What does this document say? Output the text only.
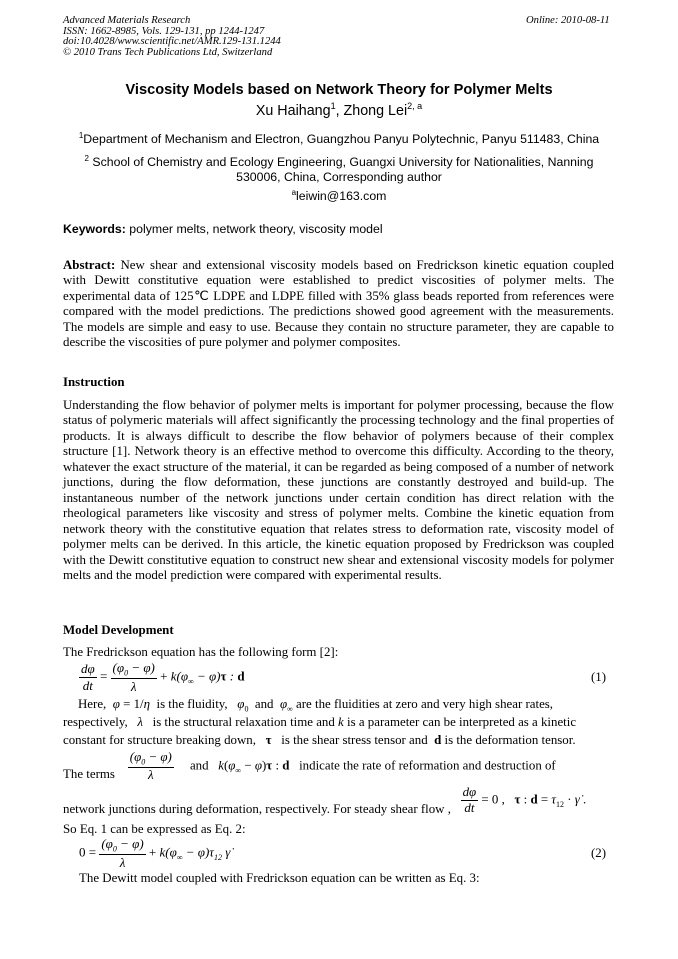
Advanced Materials Research
ISSN: 1662-8985, Vols. 129-131, pp 1244-1247
doi:10.4028/www.scientific.net/AMR.129-131.1244
© 2010 Trans Tech Publications Ltd, Switzerland
Online: 2010-08-11
Viscosity Models based on Network Theory for Polymer Melts
Xu Haihang$^1$, Zhong Lei$^{2, a}$
$^1$Department of Mechanism and Electron, Guangzhou Panyu Polytechnic, Panyu 511483, China
$^2$ School of Chemistry and Ecology Engineering, Guangxi University for Nationalities, Nanning
530006, China, Corresponding author
$^a$leiwin@163.com
Keywords: polymer melts, network theory, viscosity model
Abstract: New shear and extensional viscosity models based on Fredrickson kinetic equation coupled with Dewitt constitutive equation were established to predict viscosities of polymer melts. The experimental data of 125℃ LDPE and LDPE filled with 35% glass beads reported from references were compared with the model predictions. The predictions showed good agreement with the measurements. The models are simple and easy to use. Because they contain no structure parameter, they are capable to describe the viscosities of pure polymer and polymer composites.
Instruction
Understanding the flow behavior of polymer melts is important for polymer processing, because the flow status of polymeric materials will affect significantly the processing technology and the final properties of products. It is always difficult to describe the flow behavior of polymers because of their complex structure [1]. Network theory is an effective method to overcome this difficulty. According to the theory, whatever the exact structure of the material, it can be regarded as being composed of a number of network junctions, during the flow deformation, these junctions are constantly destroyed and build-up. The instantaneous number of the network junctions under certain condition has direct relation with the rheological parameters like viscosity and stress of polymer melts. Combine the kinetic equation from network theory with the constitutive equation that relates stress to deformation rate, viscosity model of polymer melts can be derived. In this article, the kinetic equation proposed by Fredrickson was coupled with the Dewitt constitutive equation to construct new shear and extensional viscosity models for polymer melts and the model prediction were compared with experimental results.
Model Development
The Fredrickson equation has the following form [2]:
$\frac{d\varphi}{dt} = \frac{(\varphi_0 - \varphi)}{\lambda} + k(\varphi_\infty - \varphi)\tau$ : d	(1)
Here, φ = 1/η is the fluidity, $\varphi_0$ and $\varphi_\infty$ are the fluidities at zero and very high shear rates,
respectively, λ is the structural relaxation time and k is a parameter can be interpreted as a kinetic
constant for structure breaking down, τ is the shear stress tensor and d is the deformation tensor.
The terms $\frac{(\varphi_0 - \varphi)}{\lambda}$ and $k(\varphi_\infty - \varphi)\tau$ : d indicate the rate of reformation and destruction of
network junctions during deformation, respectively. For steady shear flow , $\frac{d\varphi}{dt} = 0$ ,   τ : $d = \tau_{12}$ · γ̇ .
So Eq. 1 can be expressed as Eq. 2:
$0 = \frac{(\varphi_0 - \varphi)}{\lambda} + k(\varphi_\infty - \varphi)\tau_{12}$ γ̇	(2)
The Dewitt model coupled with Fredrickson equation can be written as Eq. 3:
